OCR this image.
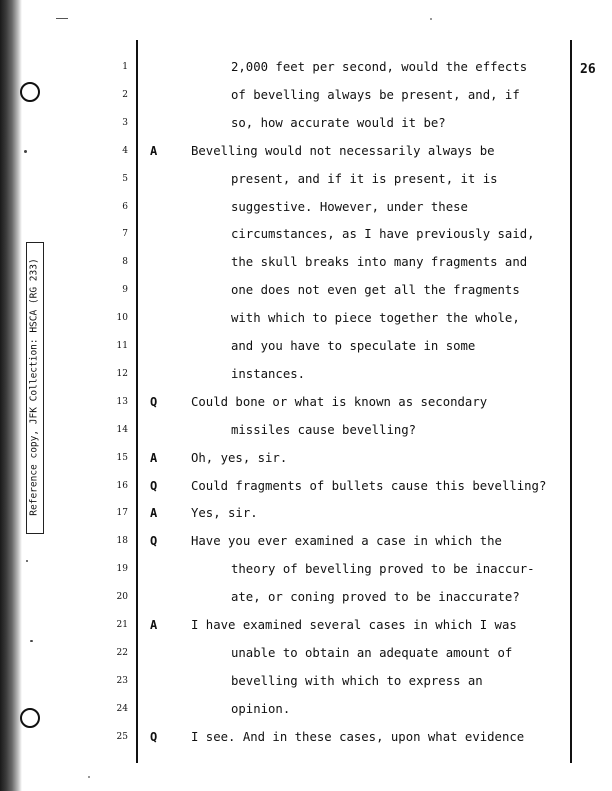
Reference copy, JFK Collection: HSCA (RG 233)
26
1	2,000 feet per second, would the effects
2	of bevelling always be present, and, if
3	so, how accurate would it be?
4 A	Bevelling would not necessarily always be
5	present, and if it is present, it is
6	suggestive. However, under these
7	circumstances, as I have previously said,
8	the skull breaks into many fragments and
9	one does not even get all the fragments
10	with which to piece together the whole,
11	and you have to speculate in some
12	instances.
13 Q	Could bone or what is known as secondary
14	missiles cause bevelling?
15 A	Oh, yes, sir.
16 Q	Could fragments of bullets cause this bevelling?
17 A	Yes, sir.
18 Q	Have you ever examined a case in which the
19	theory of bevelling proved to be inaccur-
20	ate, or coning proved to be inaccurate?
21 A	I have examined several cases in which I was
22	unable to obtain an adequate amount of
23	bevelling with which to express an
24	opinion.
25 Q	I see. And in these cases, upon what evidence
